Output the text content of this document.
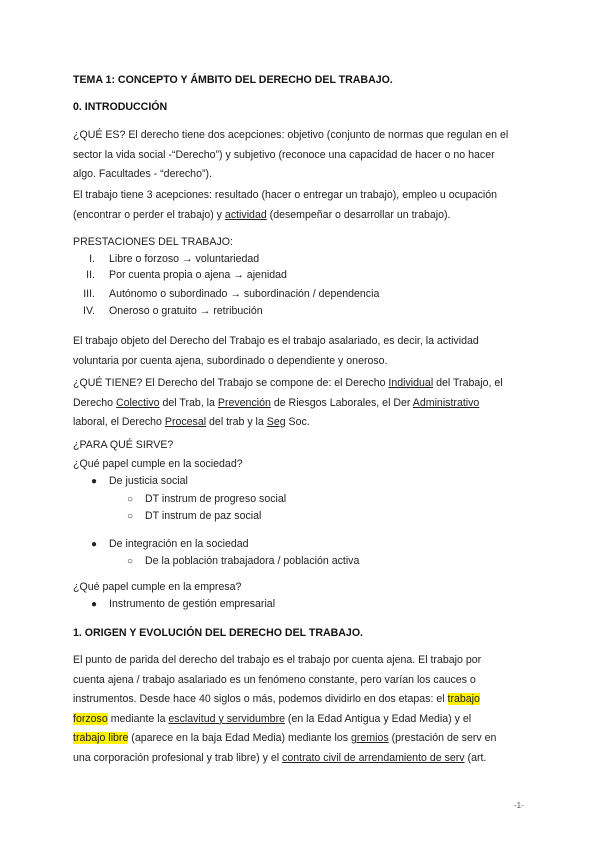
TEMA 1: CONCEPTO Y ÁMBITO DEL DERECHO DEL TRABAJO.
0. INTRODUCCIÓN
¿QUÉ ES? El derecho tiene dos acepciones: objetivo (conjunto de normas que regulan en el
sector la vida social -“Derecho”) y subjetivo (reconoce una capacidad de hacer o no hacer
algo. Facultades - “derecho”).
El trabajo tiene 3 acepciones: resultado (hacer o entregar un trabajo), empleo u ocupación
(encontrar o perder el trabajo) y actividad (desempeñar o desarrollar un trabajo).
PRESTACIONES DEL TRABAJO:
I. Libre o forzoso → voluntariedad
II. Por cuenta propia o ajena → ajenidad
III. Autónomo o subordinado → subordinación / dependencia
IV. Oneroso o gratuito → retribución
El trabajo objeto del Derecho del Trabajo es el trabajo asalariado, es decir, la actividad
voluntaria por cuenta ajena, subordinado o dependiente y oneroso.
¿QUÉ TIENE? El Derecho del Trabajo se compone de: el Derecho Individual del Trabajo, el
Derecho Colectivo del Trab, la Prevención de Riesgos Laborales, el Der Administrativo
laboral, el Derecho Procesal del trab y la Seg Soc.
¿PARA QUÉ SIRVE?
¿Qué papel cumple en la sociedad?
● De justicia social
○ DT instrum de progreso social
○ DT instrum de paz social
● De integración en la sociedad
○ De la población trabajadora / población activa
¿Qué papel cumple en la empresa?
● Instrumento de gestión empresarial
1. ORIGEN Y EVOLUCIÓN DEL DERECHO DEL TRABAJO.
El punto de parida del derecho del trabajo es el trabajo por cuenta ajena. El trabajo por
cuenta ajena / trabajo asalariado es un fenómeno constante, pero varían los cauces o
instrumentos. Desde hace 40 siglos o más, podemos dividirlo en dos etapas: el trabajo
forzoso mediante la esclavitud y servidumbre (en la Edad Antigua y Edad Media) y el
trabajo libre (aparece en la baja Edad Media) mediante los gremios (prestación de serv en
una corporación profesional y trab libre) y el contrato civil de arrendamiento de serv (art.
-1-
